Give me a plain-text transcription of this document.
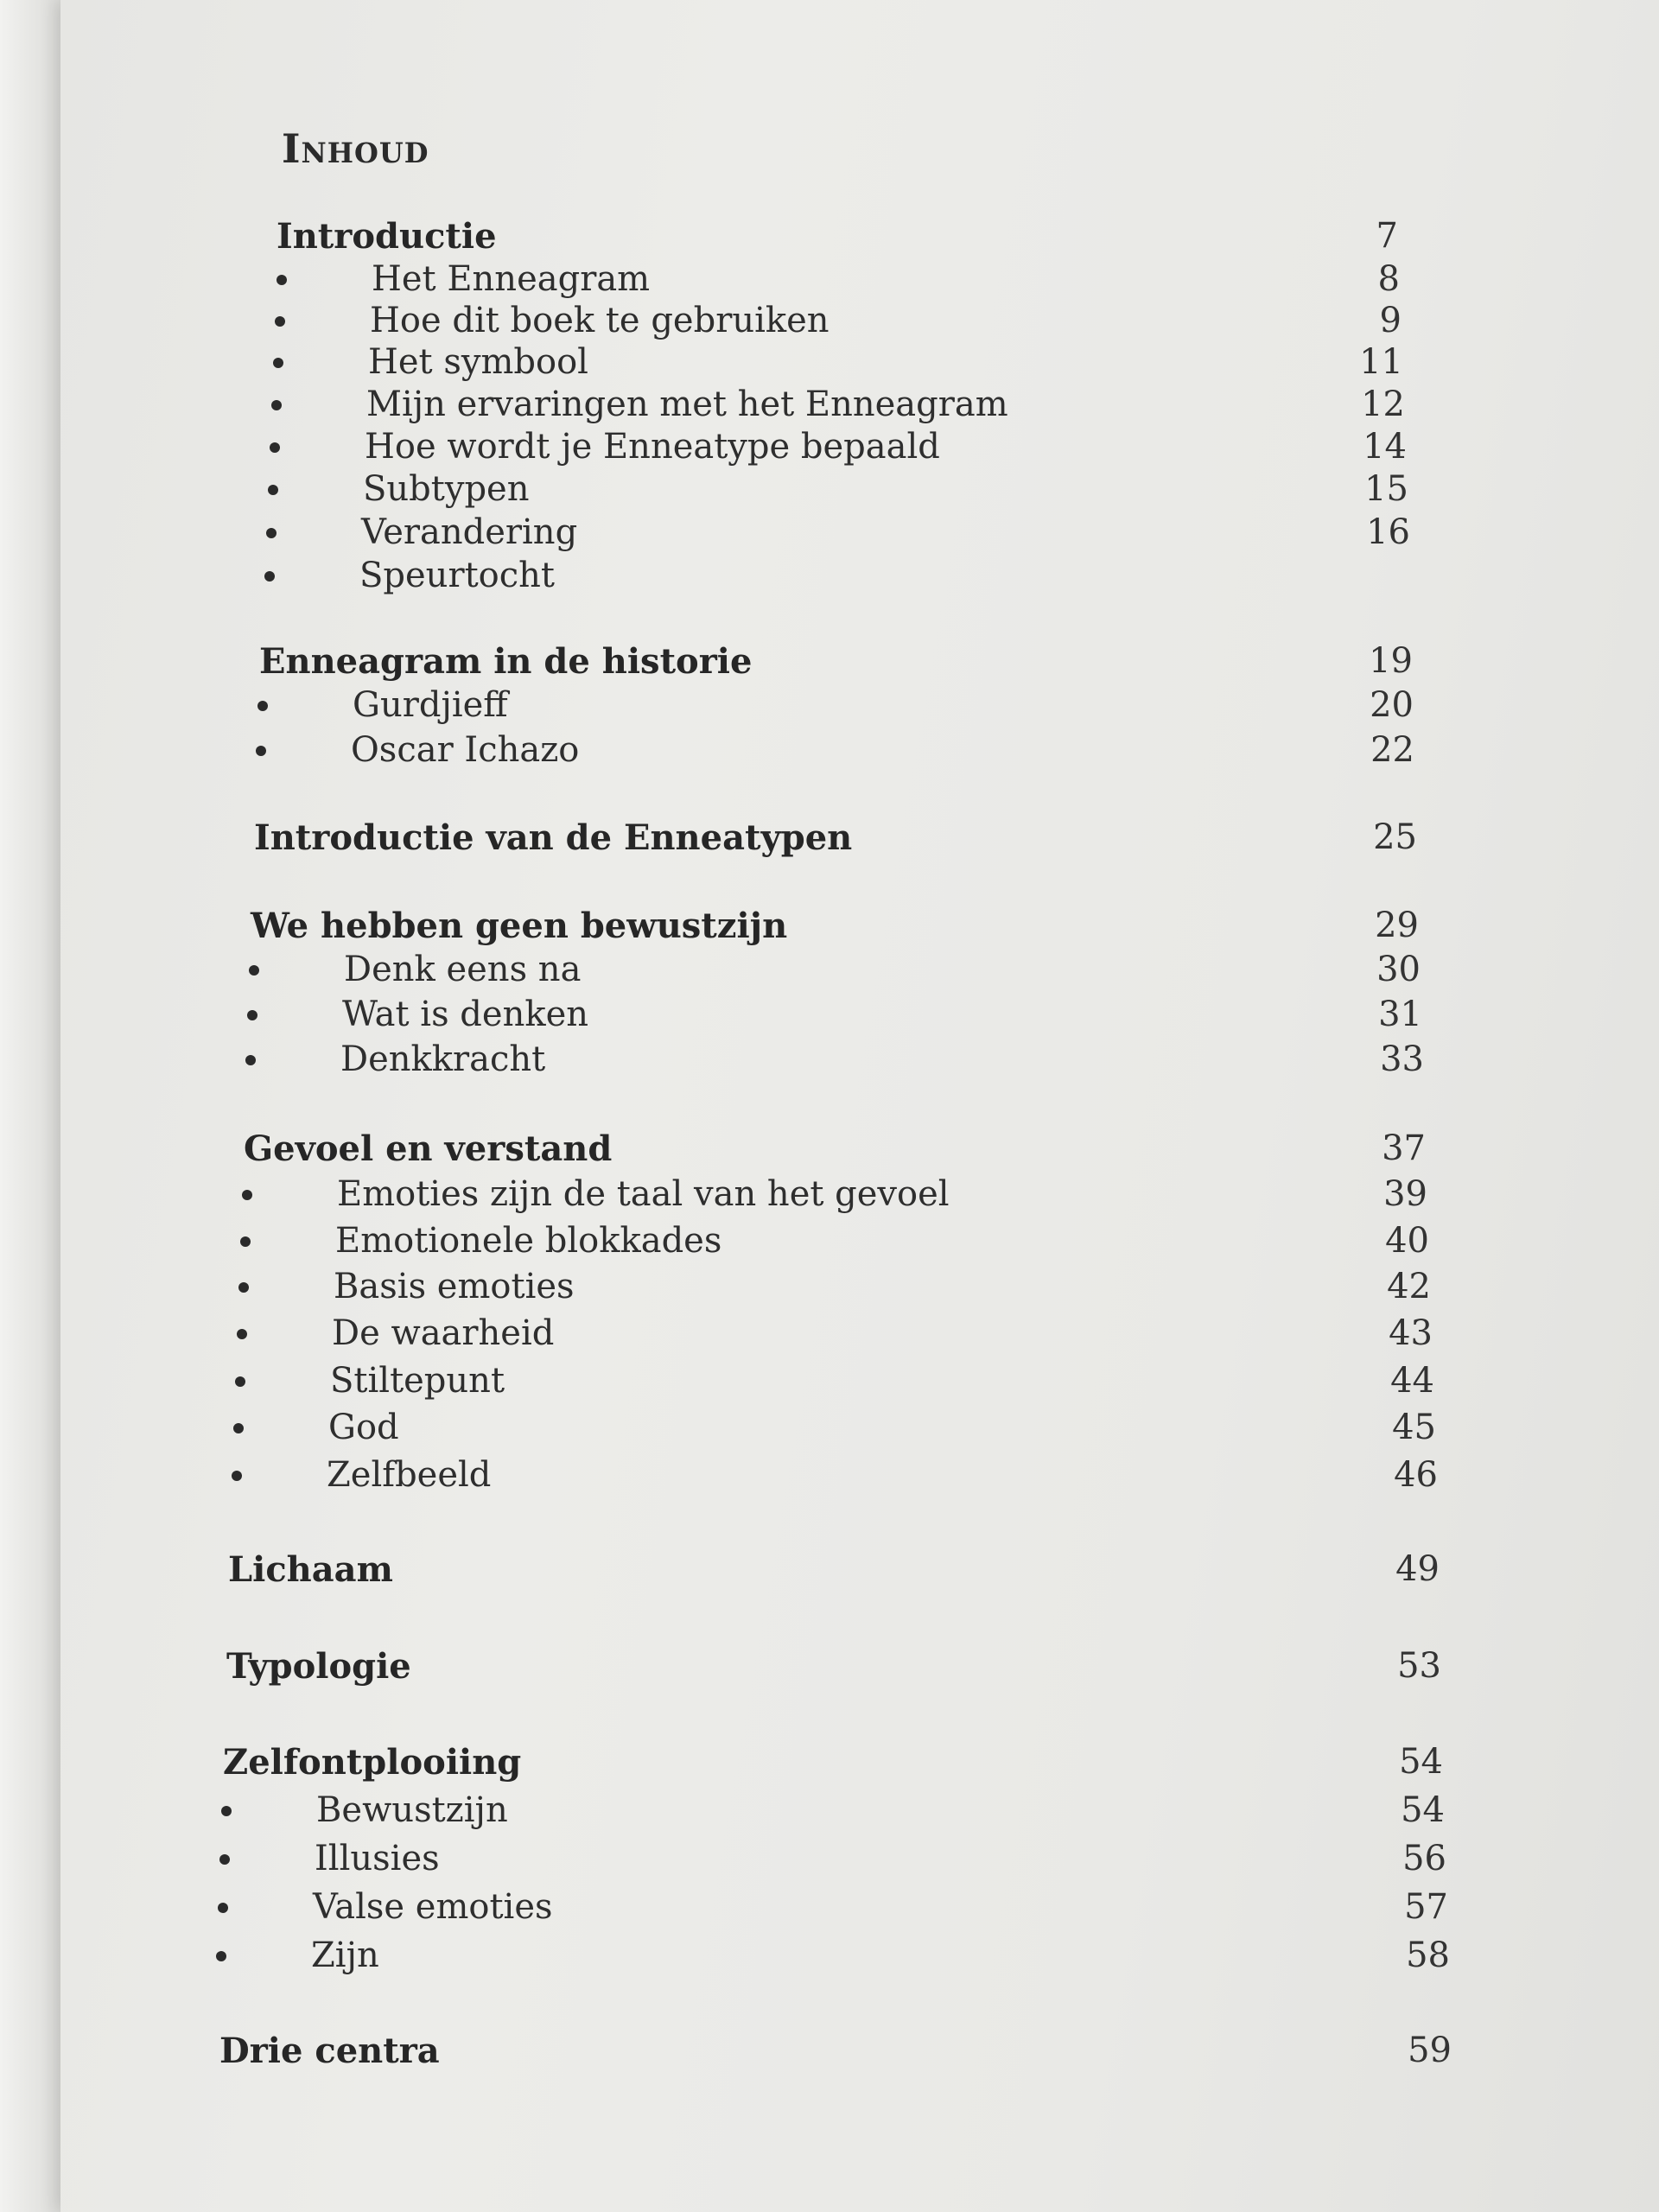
Inhoud
Introductie	7
Het Enneagram	8
Hoe dit boek te gebruiken	9
Het symbool	11
Mijn ervaringen met het Enneagram	12
Hoe wordt je Enneatype bepaald	14
Subtypen	15
Verandering	16
Speurtocht
Enneagram in de historie	19
Gurdjieff	20
Oscar Ichazo	22
Introductie van de Enneatypen	25
We hebben geen bewustzijn	29
Denk eens na	30
Wat is denken	31
Denkkracht	33
Gevoel en verstand	37
Emoties zijn de taal van het gevoel	39
Emotionele blokkades	40
Basis emoties	42
De waarheid	43
Stiltepunt	44
God	45
Zelfbeeld	46
Lichaam	49
Typologie	53
Zelfontplooiing	54
Bewustzijn	54
Illusies	56
Valse emoties	57
Zijn	58
Drie centra	59
